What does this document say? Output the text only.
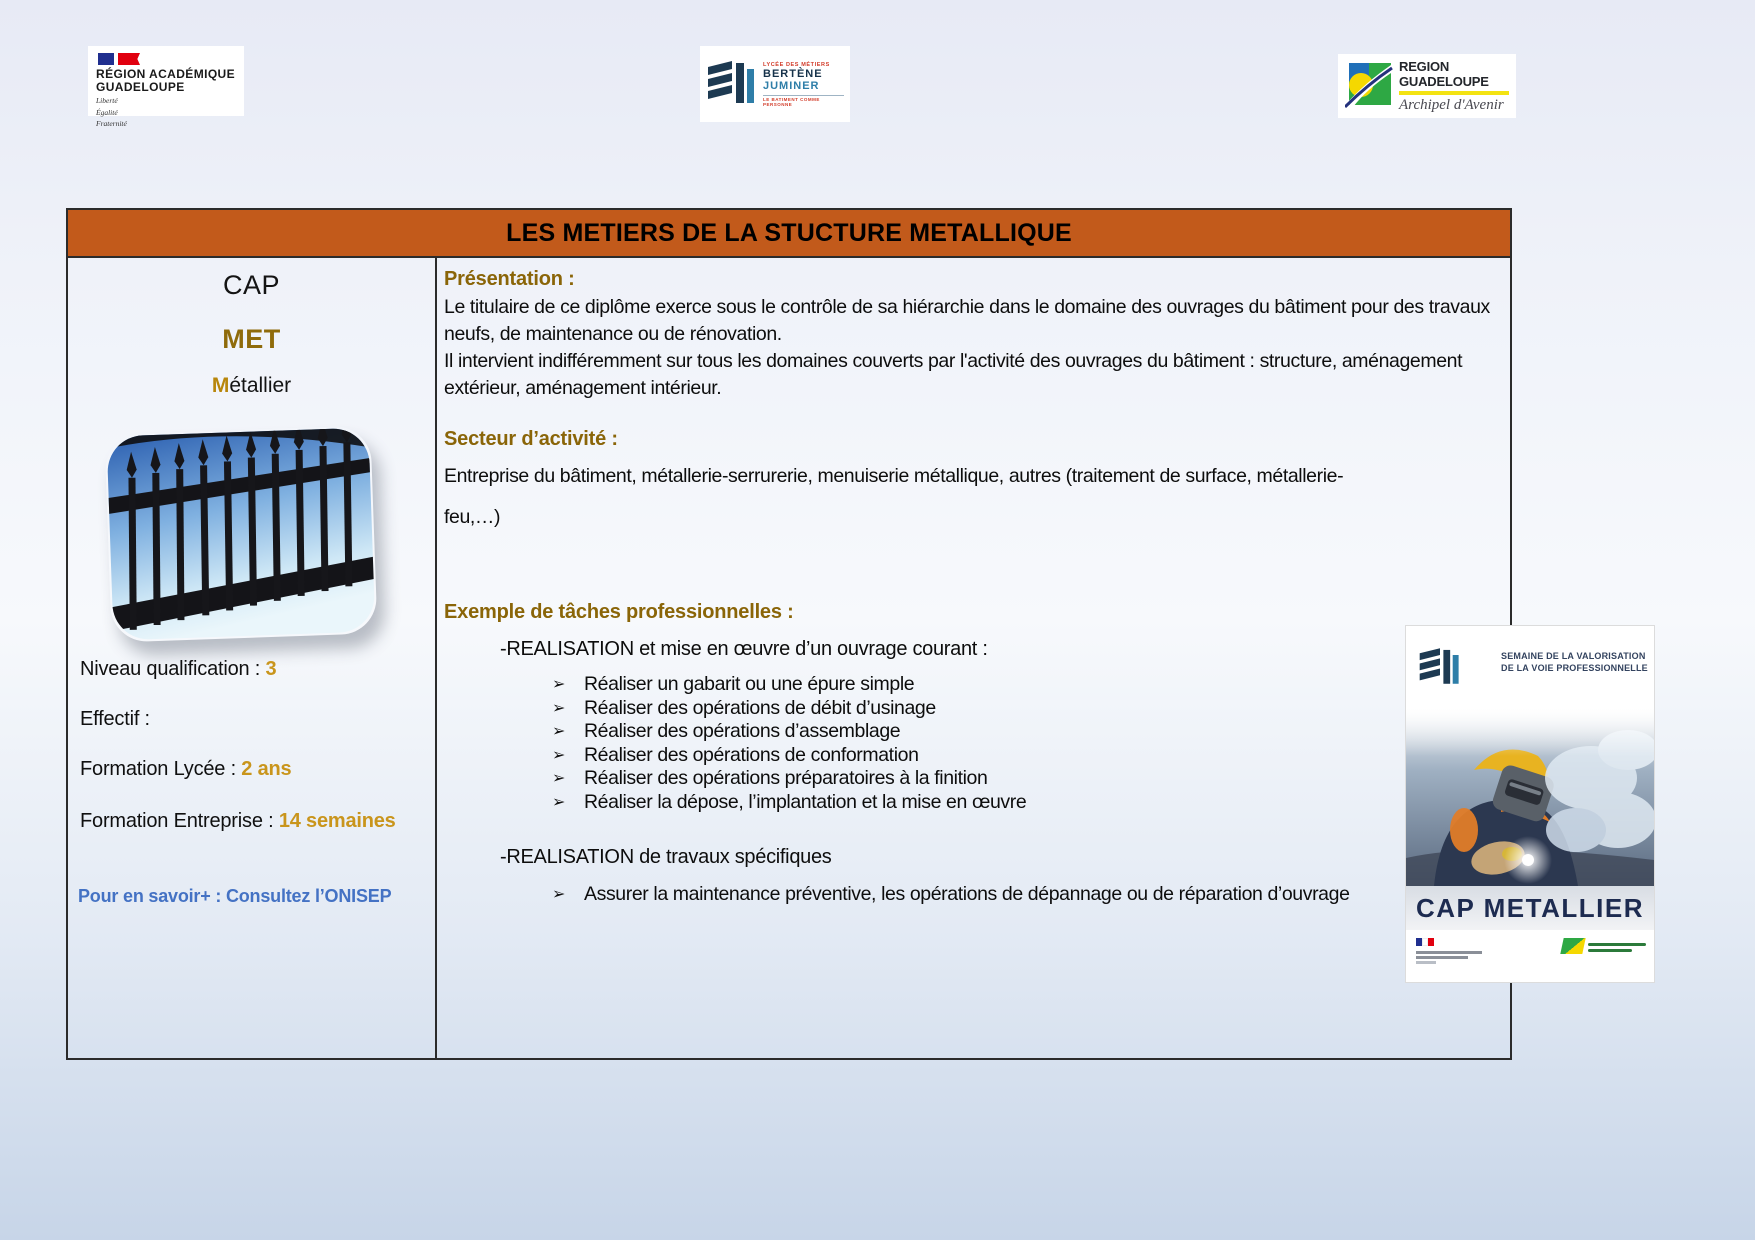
RÉGION ACADÉMIQUE
GUADELOUPE
Liberté
Égalité
Fraternité
LYCÉE DES MÉTIERS
BERTÈNE
JUMINER
LE BATIMENT COMME PERSONNE
REGION GUADELOUPE
Archipel d'Avenir
LES METIERS DE LA STUCTURE METALLIQUE
CAP
MET
Métallier
Niveau qualification : 3
Effectif :
Formation Lycée : 2 ans
Formation Entreprise : 14 semaines
Pour en savoir+ : Consultez l’ONISEP
Présentation :

Le titulaire de ce diplôme exerce sous le contrôle de sa hiérarchie dans le domaine des ouvrages du bâtiment pour des travaux neufs, de maintenance ou de rénovation.

Il intervient indifféremment sur tous les domaines couverts par l'activité des ouvrages du bâtiment : structure, aménagement extérieur, aménagement intérieur.

Secteur d’activité :
Entreprise du bâtiment, métallerie-serrurerie, menuiserie métallique, autres (traitement de surface, métallerie-
feu,…)
Exemple de tâches professionnelles :
-REALISATION et mise en œuvre d’un ouvrage courant :
➢ Réaliser un gabarit ou une épure simple
➢ Réaliser des opérations de débit d’usinage
➢ Réaliser des opérations d’assemblage
➢ Réaliser des opérations de conformation
➢ Réaliser des opérations préparatoires à la finition
➢ Réaliser la dépose, l’implantation et la mise en œuvre
-REALISATION de travaux spécifiques
➢ Assurer la maintenance préventive, les opérations de dépannage ou de réparation d’ouvrage
SEMAINE DE LA VALORISATION
DE LA VOIE PROFESSIONNELLE
CAP METALLIER
